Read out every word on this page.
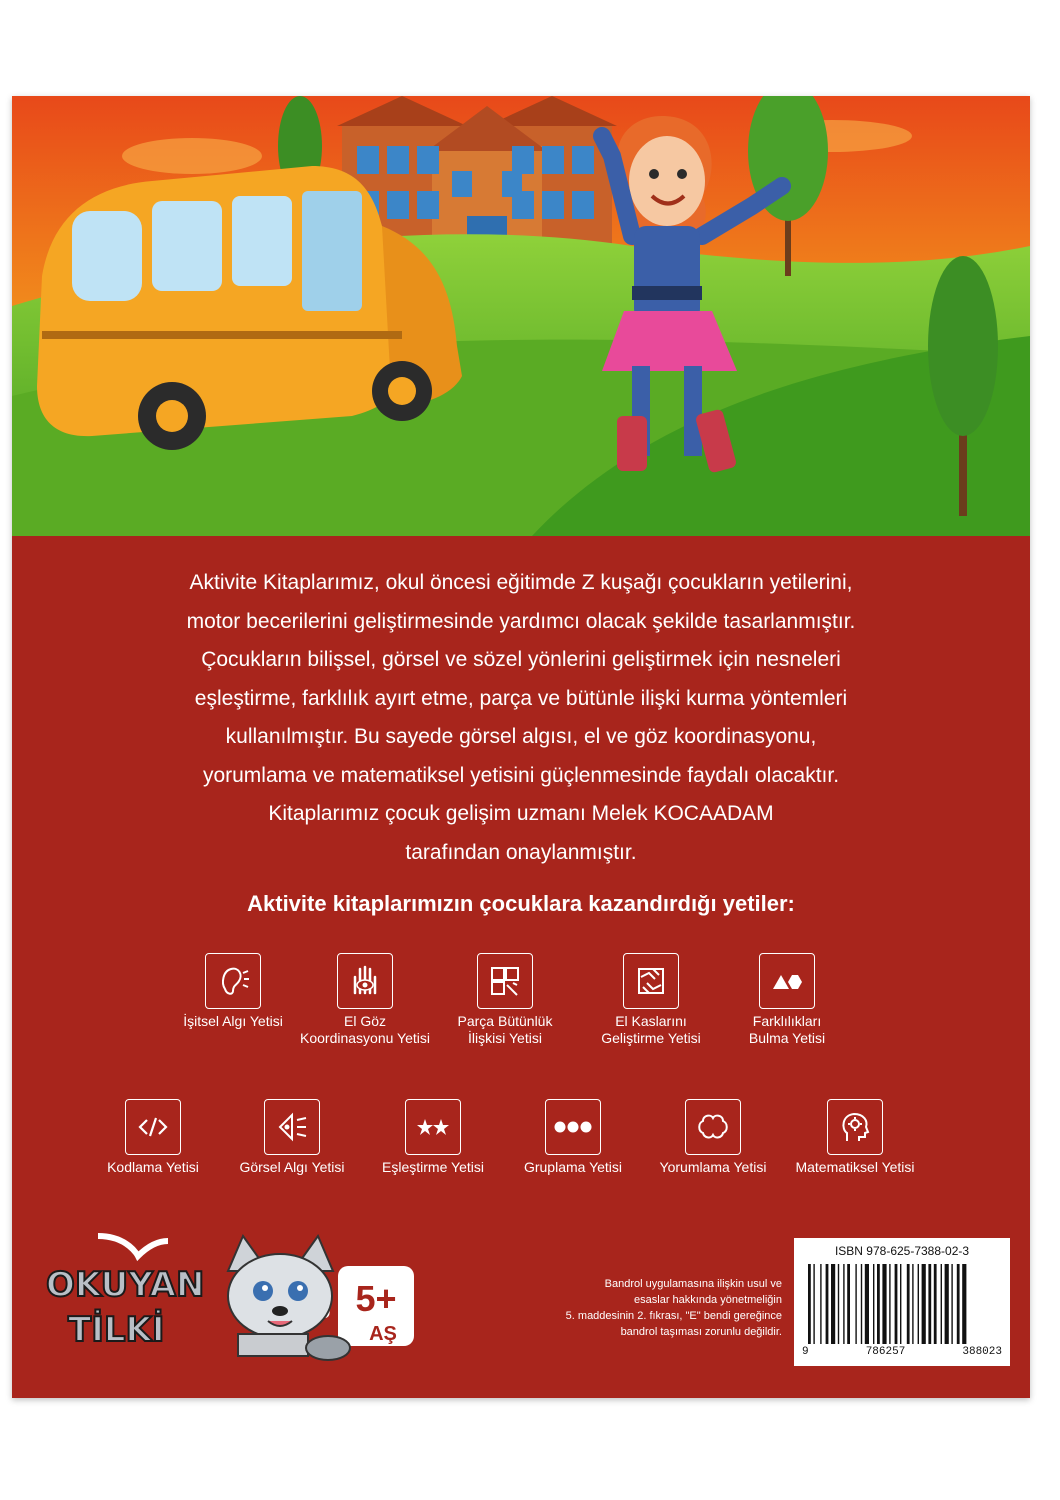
Aktivite Kitaplarımız, okul öncesi eğitimde Z kuşağı çocukların yetilerini,

motor becerilerini geliştirmesinde yardımcı olacak şekilde tasarlanmıştır.

Çocukların bilişsel, görsel ve sözel yönlerini geliştirmek için nesneleri

eşleştirme, farklılık ayırt etme, parça ve bütünle ilişki kurma yöntemleri

kullanılmıştır. Bu sayede görsel algısı, el ve göz koordinasyonu,

yorumlama ve matematiksel yetisini güçlenmesinde faydalı olacaktır.

Kitaplarımız çocuk gelişim uzmanı Melek KOCAADAM

tarafından onaylanmıştır.

Aktivite kitaplarımızın çocuklara kazandırdığı yetiler:
İşitsel Algı Yetisi	El Göz
Koordinasyonu Yetisi
Parça Bütünlük
İlişkisi Yetisi
El Kaslarını
Geliştirme Yetisi
Farklılıkları
Bulma Yetisi
Kodlama Yetisi	Görsel Algı Yetisi	Eşleştirme Yetisi	Gruplama Yetisi	Yorumlama Yetisi	Matematiksel Yetisi
5+
AŞ
OKUYAN
TİLKİ

Bandrol uygulamasına ilişkin usul ve

esaslar hakkında yönetmeliğin

5. maddesinin 2. fıkrası, "E" bendi gereğince

bandrol taşıması zorunlu değildir.

ISBN 978-625-7388-02-3
9	786257	388023
